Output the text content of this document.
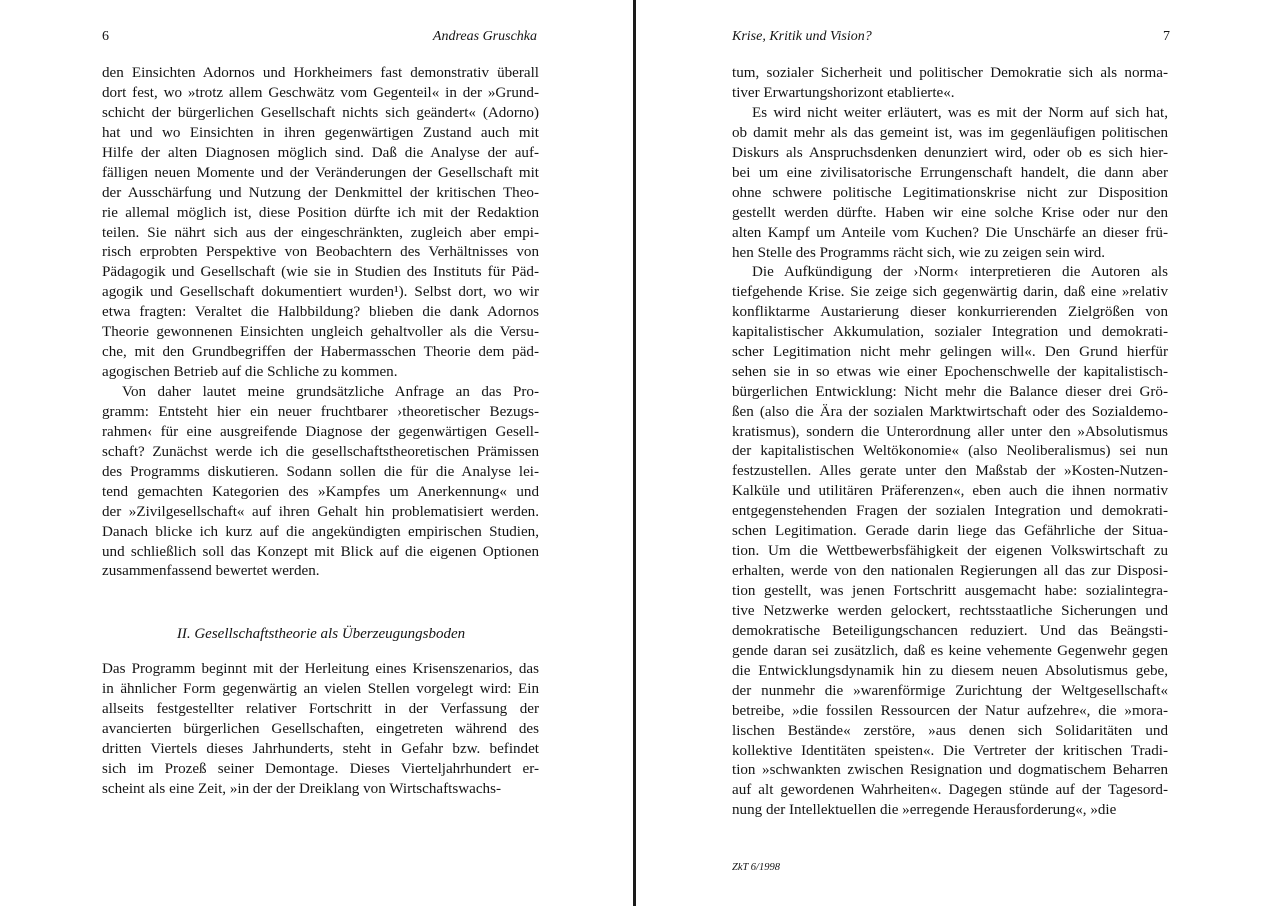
6	Andreas Gruschka
den Einsichten Adornos und Horkheimers fast demonstrativ überall
dort fest, wo »trotz allem Geschwätz vom Gegenteil« in der »Grund-
schicht der bürgerlichen Gesellschaft nichts sich geändert« (Adorno)
hat und wo Einsichten in ihren gegenwärtigen Zustand auch mit
Hilfe der alten Diagnosen möglich sind. Daß die Analyse der auf-
fälligen neuen Momente und der Veränderungen der Gesellschaft mit
der Ausschärfung und Nutzung der Denkmittel der kritischen Theo-
rie allemal möglich ist, diese Position dürfte ich mit der Redaktion
teilen. Sie nährt sich aus der eingeschränkten, zugleich aber empi-
risch erprobten Perspektive von Beobachtern des Verhältnisses von
Pädagogik und Gesellschaft (wie sie in Studien des Instituts für Päd-
agogik und Gesellschaft dokumentiert wurden¹). Selbst dort, wo wir
etwa fragten: Veraltet die Halbbildung? blieben die dank Adornos
Theorie gewonnenen Einsichten ungleich gehaltvoller als die Versu-
che, mit den Grundbegriffen der Habermasschen Theorie dem päd-
agogischen Betrieb auf die Schliche zu kommen.
Von daher lautet meine grundsätzliche Anfrage an das Pro-
gramm: Entsteht hier ein neuer fruchtbarer ›theoretischer Bezugs-
rahmen‹ für eine ausgreifende Diagnose der gegenwärtigen Gesell-
schaft? Zunächst werde ich die gesellschaftstheoretischen Prämissen
des Programms diskutieren. Sodann sollen die für die Analyse lei-
tend gemachten Kategorien des »Kampfes um Anerkennung« und
der »Zivilgesellschaft« auf ihren Gehalt hin problematisiert werden.
Danach blicke ich kurz auf die angekündigten empirischen Studien,
und schließlich soll das Konzept mit Blick auf die eigenen Optionen
zusammenfassend bewertet werden.
II. Gesellschaftstheorie als Überzeugungsboden
Das Programm beginnt mit der Herleitung eines Krisenszenarios, das
in ähnlicher Form gegenwärtig an vielen Stellen vorgelegt wird: Ein
allseits festgestellter relativer Fortschritt in der Verfassung der
avancierten bürgerlichen Gesellschaften, eingetreten während des
dritten Viertels dieses Jahrhunderts, steht in Gefahr bzw. befindet
sich im Prozeß seiner Demontage. Dieses Vierteljahrhundert er-
scheint als eine Zeit, »in der der Dreiklang von Wirtschaftswachs-
Krise, Kritik und Vision?	7
tum, sozialer Sicherheit und politischer Demokratie sich als norma-
tiver Erwartungshorizont etablierte«.
Es wird nicht weiter erläutert, was es mit der Norm auf sich hat,
ob damit mehr als das gemeint ist, was im gegenläufigen politischen
Diskurs als Anspruchsdenken denunziert wird, oder ob es sich hier-
bei um eine zivilisatorische Errungenschaft handelt, die dann aber
ohne schwere politische Legitimationskrise nicht zur Disposition
gestellt werden dürfte. Haben wir eine solche Krise oder nur den
alten Kampf um Anteile vom Kuchen? Die Unschärfe an dieser frü-
hen Stelle des Programms rächt sich, wie zu zeigen sein wird.
Die Aufkündigung der ›Norm‹ interpretieren die Autoren als
tiefgehende Krise. Sie zeige sich gegenwärtig darin, daß eine »relativ
konfliktarme Austarierung dieser konkurrierenden Zielgrößen von
kapitalistischer Akkumulation, sozialer Integration und demokrati-
scher Legitimation nicht mehr gelingen will«. Den Grund hierfür
sehen sie in so etwas wie einer Epochenschwelle der kapitalistisch-
bürgerlichen Entwicklung: Nicht mehr die Balance dieser drei Grö-
ßen (also die Ära der sozialen Marktwirtschaft oder des Sozialdemo-
kratismus), sondern die Unterordnung aller unter den »Absolutismus
der kapitalistischen Weltökonomie« (also Neoliberalismus) sei nun
festzustellen. Alles gerate unter den Maßstab der »Kosten-Nutzen-
Kalküle und utilitären Präferenzen«, eben auch die ihnen normativ
entgegenstehenden Fragen der sozialen Integration und demokrati-
schen Legitimation. Gerade darin liege das Gefährliche der Situa-
tion. Um die Wettbewerbsfähigkeit der eigenen Volkswirtschaft zu
erhalten, werde von den nationalen Regierungen all das zur Disposi-
tion gestellt, was jenen Fortschritt ausgemacht habe: sozialintegra-
tive Netzwerke werden gelockert, rechtsstaatliche Sicherungen und
demokratische Beteiligungschancen reduziert. Und das Beängsti-
gende daran sei zusätzlich, daß es keine vehemente Gegenwehr gegen
die Entwicklungsdynamik hin zu diesem neuen Absolutismus gebe,
der nunmehr die »warenförmige Zurichtung der Weltgesellschaft«
betreibe, »die fossilen Ressourcen der Natur aufzehre«, die »mora-
lischen Bestände« zerstöre, »aus denen sich Solidaritäten und
kollektive Identitäten speisten«. Die Vertreter der kritischen Tradi-
tion »schwankten zwischen Resignation und dogmatischem Beharren
auf alt gewordenen Wahrheiten«. Dagegen stünde auf der Tagesord-
nung der Intellektuellen die »erregende Herausforderung«, »die
ZkT 6/1998
